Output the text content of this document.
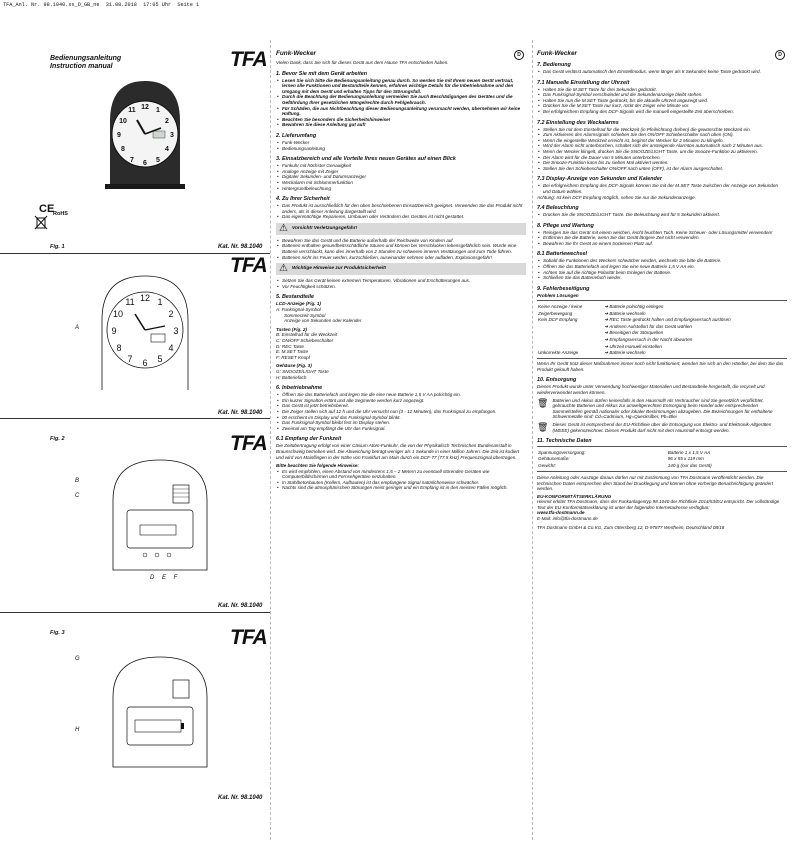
TFA_Anl. Nr. 98.1040.xx_D_GB_ne  31.08.2018  17:05 Uhr  Seite 1
Bedienungsanleitung
Instruction manual
12
3
6
9
1
2
4
5
7
8
10
11
RoHS
CE
TFA
Kat. Nr. 98.1040
Fig. 1
TFA
12
3
6
9
1
2
4
5
7
8
10
11
A
Kat. Nr. 98.1040
Fig. 2	TFA
B
C
D E F
Kat. Nr. 98.1040
Fig. 3	TFA
G
H
Kat. Nr. 98.1040
Funk-Wecker	D

Vielen Dank, dass Sie sich für dieses Gerät aus dem Hause TFA entschieden haben.

1. Bevor Sie mit dem Gerät arbeiten
• Lesen Sie sich bitte die Bedienungsanleitung genau durch. So werden Sie mit Ihrem neuen Gerät vertraut, lernen alle Funktionen und Bestandteile kennen, erfahren wichtige Details für die Inbetriebnahme und den Umgang mit dem Gerät und erhalten Tipps für den Störungsfall.
• Durch die Beachtung der Bedienungsanleitung vermeiden Sie auch Beschädigungen des Gerätes und die Gefährdung Ihrer gesetzlichen Mängelrechte durch Fehlgebrauch.
• Für Schäden, die aus Nichtbeachtung dieser Bedienungsanleitung verursacht werden, übernehmen wir keine Haftung.
• Beachten Sie besonders die Sicherheitshinweise!
• Bewahren Sie diese Anleitung gut auf!
2. Lieferumfang
• Funk-Wecker
• Bedienungsanleitung
3. Einsatzbereich und alle Vorteile Ihres neuen Gerätes auf einen Blick
• Funkuhr mit höchster Genauigkeit
• Analoge Anzeige mit Zeiger
• Digitaler Sekunden- und Datumsanzeiger
• Weckalarm mit Schlummerfunktion
• Hintergrundbeleuchtung
4. Zu Ihrer Sicherheit
• Das Produkt ist ausschließlich für den oben beschriebenen Einsatzbereich geeignet. Verwenden Sie das Produkt nicht anders, als in dieser Anleitung dargestellt wird.
• Das eigenmächtige Reparieren, Umbauen oder Verändern des Gerätes ist nicht gestattet.
⚠ Vorsicht! Verletzungsgefahr!
• Bewahren Sie das Gerät und die Batterie außerhalb der Reichweite von Kindern auf.
• Batterien enthalten gesundheitsschädliche Säuren und können bei Verschlucken lebensgefährlich sein. Wurde eine Batterie verschluckt, kann dies innerhalb von 2 Stunden zu schweren inneren Verätzungen und zum Tode führen.
• Batterien nicht ins Feuer werfen, kurzschließen, auseinander nehmen oder aufladen. Explosionsgefahr!
⚠ Wichtige Hinweise zur Produktsicherheit!
• Setzen Sie das Gerät keinen extremen Temperaturen, Vibrationen und Erschütterungen aus.
• Vor Feuchtigkeit schützen.
5. Bestandteile
LCD-Anzeige (Fig. 1)
A: Funksignal-Symbol
Sommerzeit-Symbol
Anzeige von Sekunden oder Kalender
Tasten (Fig. 2)
B: Einstellrad für die Weckzeit
C: ON/OFF Schiebeschalter
D: REC Taste
E: M.SET Taste
F: RESET Knopf
Gehäuse (Fig. 3)
G: SNOOZE/LIGHT Taste
H: Batteriefach
6. Inbetriebnahme
• Öffnen Sie das Batteriefach und legen Sie die eine neue Batterie 1,5 V AA polrichtig ein.
• Ein kurzer Signalton ertönt und alle Segmente werden kurz angezeigt.
• Das Gerät ist jetzt betriebsbereit.
• Die Zeiger stellen sich auf 12 h und die Uhr versucht nun (3 - 12 Minuten), das Funksignal zu empfangen.
• 00 erscheint im Display und das Funksignal-Symbol blinkt.
• Das Funksignal-Symbol bleibt fest im Display stehen.
• Zweimal am Tag empfängt die Uhr das Funksignal.
6.1 Empfang der Funkzeit

Die Zeitübertragung erfolgt von einer Cäsium Atom-Funkuhr, die von der Physikalisch Technischen Bundesanstalt in Braunschweig betrieben wird. Die Abweichung beträgt weniger als 1 Sekunde in einer Million Jahren. Die Zeit ist kodiert und wird von Mainflingen in der Nähe von Frankfurt am Main durch ein DCF-77 (77.5 kHz) Frequenzsignal übertragen.

Bitte beachten Sie folgende Hinweise:
• Es wird empfohlen, einen Abstand von mindestens 1,5 – 2 Metern zu eventuell störenden Geräten wie Computerbildschirmen und Fernsehgeräten einzuhalten.
• In Stahlbetonbauten (Kellern, Aufbauten) ist das empfangene Signal natürlicherweise schwächer.
• Nachts sind die atmosphärischen Störungen meist geringer und ein Empfang ist in den meisten Fällen möglich.
Funk-Wecker	D
7. Bedienung
• Das Gerät verlässt automatisch den Einstellmodus, wenn länger als 8 Sekunden keine Taste gedrückt wird.
7.1 Manuelle Einstellung der Uhrzeit
• Halten Sie die M.SET Taste für drei Sekunden gedrückt.
• Das Funksignal-Symbol verschwindet und die Sekundenanzeige bleibt stehen.
• Halten Sie nun die M.SET Taste gedrückt, bis die aktuelle Uhrzeit angezeigt wird.
• Drücken Sie die M.SET Taste nur kurz, rückt der Zeiger eine Minute vor.
• Bei erfolgreichem Empfang des DCF-Signals wird die manuell eingestellte Zeit überschrieben.
7.2 Einstellung des Weckalarms
• Stellen Sie mit dem Einstellrad für die Weckzeit (in Pfeilrichtung drehen) die gewünschte Weckzeit ein.
• Zum Aktivieren des Alarmsignals schieben Sie den ON/OFF Schiebeschalter nach oben (ON).
• Wenn die eingestellte Weckzeit erreicht ist, beginnt der Wecker für 2 Minuten zu klingeln.
• Wird der Alarm nicht unterbrochen, schaltet sich der ansteigende Alarmton automatisch nach 2 Minuten aus.
• Wenn der Wecker klingelt, drücken Sie die SNOOZE/LIGHT Taste, um die Snooze-Funktion zu aktivieren.
• Der Alarm wird für die Dauer von 5 Minuten unterbrochen.
• Die Snooze-Funktion kann bis zu sieben Mal aktiviert werden.
• Stellen Sie den Schiebeschalter ON/OFF nach unten (OFF), ist der Alarm ausgeschaltet.
7.3 Display-Anzeige von Sekunden und Kalender
• Bei erfolgreichem Empfang des DCF-Signals können Sie mit der M.SET Taste zwischen der Anzeige von Sekunden und Datum wählen.

Achtung: Ist kein DCF Empfang möglich, sehen Sie nur die Sekundenanzeige.

7.4 Beleuchtung
• Drücken Sie die SNOOZE/LIGHT Taste. Die Beleuchtung wird für 5 Sekunden aktiviert.
8. Pflege und Wartung
• Reinigen Sie das Gerät mit einem weichen, leicht feuchten Tuch. Keine Scheuer- oder Lösungsmittel verwenden!
• Entfernen Sie die Batterie, wenn Sie das Gerät längere Zeit nicht verwenden.
• Bewahren Sie Ihr Gerät an einem trockenen Platz auf.
8.1 Batteriewechsel
• Sobald die Funktionen des Weckers schwächer werden, wechseln Sie bitte die Batterie.
• Öffnen Sie das Batteriefach und legen Sie eine neue Batterie 1,5 V AA ein.
• Achten Sie auf die richtige Polarität beim Einlegen der Batterie.
• Schließen Sie das Batteriefach wieder.
9. Fehlerbeseitigung
Problem Lösungen
Keine Anzeige / keine	➜ Batterie polrichtig einlegen
Zeigerbewegung	➜ Batterie wechseln
Kein DCF Empfang	➜ REC Taste gedrückt halten und Empfangsversuch auslösen
	➜ Anderen Aufstellort für das Gerät wählen
	➜ Beseitigen der Störquellen
	➜ Empfangsversuch in der Nacht abwarten
	➜ Uhrzeit manuell einstellen
Unkorrekte Anzeige	➜ Batterie wechseln

Wenn Ihr Gerät trotz dieser Maßnahmen immer noch nicht funktioniert, wenden Sie sich an den Händler, bei dem Sie das Produkt gekauft haben.

10. Entsorgung

Dieses Produkt wurde unter Verwendung hochwertiger Materialien und Bestandteile hergestellt, die recycelt und wiederverwendet werden können.

🗑 Batterien und Akkus dürfen keinesfalls in den Hausmüll! Als Verbraucher sind Sie gesetzlich verpflichtet, gebrauchte Batterien und Akkus zur umweltgerechten Entsorgung beim Handel oder entsprechenden Sammelstellen gemäß nationaler oder lokaler Bestimmungen abzugeben. Die Bezeichnungen für enthaltene Schwermetalle sind: Cd=Cadmium, Hg=Quecksilber, Pb=Blei

🗑 Dieses Gerät ist entsprechend der EU-Richtlinie über die Entsorgung von Elektro- und Elektronik-Altgeräten (WEEE) gekennzeichnet. Dieses Produkt darf nicht mit dem Hausmüll entsorgt werden.

11. Technische Daten
Spannungsversorgung:	Batterie 1 x 1,5 V AA
Gehäusemaße:	96 x 55 x 119 mm
Gewicht:	140 g (nur das Gerät)

Diese Anleitung oder Auszüge daraus dürfen nur mit Zustimmung von TFA Dostmann veröffentlicht werden. Die technischen Daten entsprechen dem Stand bei Drucklegung und können ohne vorherige Benachrichtigung geändert werden.

EU-KONFORMITÄTSERKLÄRUNG

Hiermit erklärt TFA Dostmann, dass der Funkanlagentyp 98.1040 der Richtlinie 2014/53/EU entspricht. Der vollständige Text der EU-Konformitätserklärung ist unter der folgenden Internetadresse verfügbar:

www.tfa-dostmann.de
E-Mail: info@tfa-dostmann.de
TFA Dostmann GmbH & Co.KG, Zum Ottersberg 12, D-97877 Wertheim, Deutschland 08/18
